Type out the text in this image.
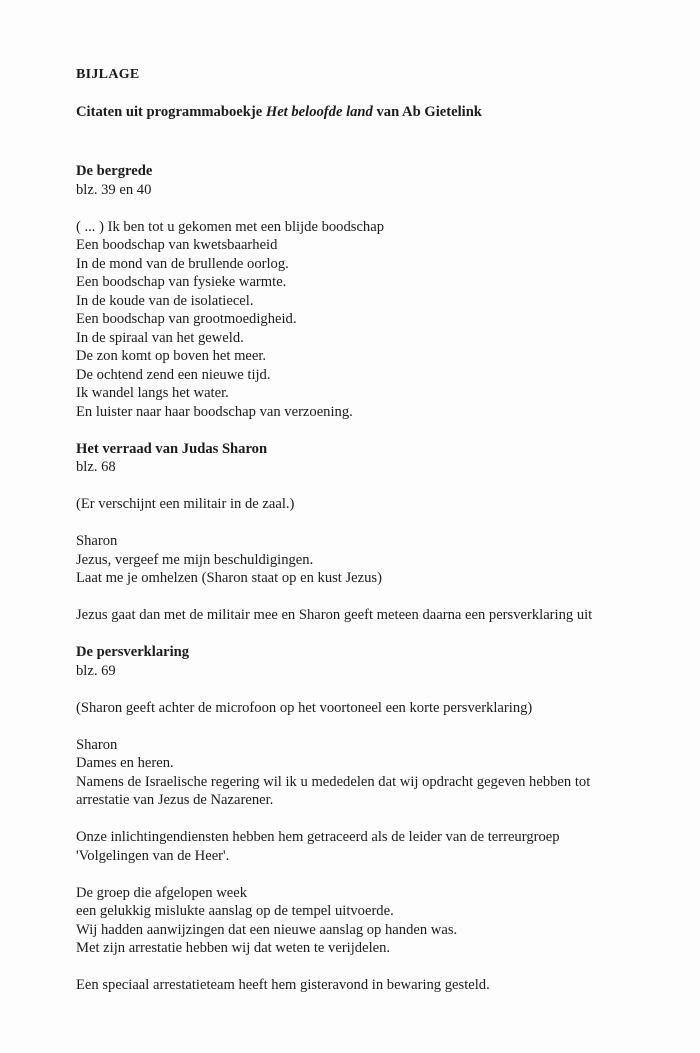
BIJLAGE
Citaten uit programmaboekje Het beloofde land van Ab Gietelink
De bergrede
blz. 39 en 40
( ... ) Ik ben tot u gekomen met een blijde boodschap
Een boodschap van kwetsbaarheid
In de mond van de brullende oorlog.
Een boodschap van fysieke warmte.
In de koude van de isolatiecel.
Een boodschap van grootmoedigheid.
In de spiraal van het geweld.
De zon komt op boven het meer.
De ochtend zend een nieuwe tijd.
Ik wandel langs het water.
En luister naar haar boodschap van verzoening.
Het verraad van Judas Sharon
blz. 68
(Er verschijnt een militair in de zaal.)
Sharon
Jezus, vergeef me mijn beschuldigingen.
Laat me je omhelzen (Sharon staat op en kust Jezus)
Jezus gaat dan met de militair mee en Sharon geeft meteen daarna een persverklaring uit
De persverklaring
blz. 69
(Sharon geeft achter de microfoon op het voortoneel een korte persverklaring)
Sharon
Dames en heren.
Namens de Israelische regering wil ik u mededelen dat wij opdracht gegeven hebben tot
arrestatie van Jezus de Nazarener.
Onze inlichtingendiensten hebben hem getraceerd als de leider van de terreurgroep
'Volgelingen van de Heer'.
De groep die afgelopen week
een gelukkig mislukte aanslag op de tempel uitvoerde.
Wij hadden aanwijzingen dat een nieuwe aanslag op handen was.
Met zijn arrestatie hebben wij dat weten te verijdelen.
Een speciaal arrestatieteam heeft hem gisteravond in bewaring gesteld.
